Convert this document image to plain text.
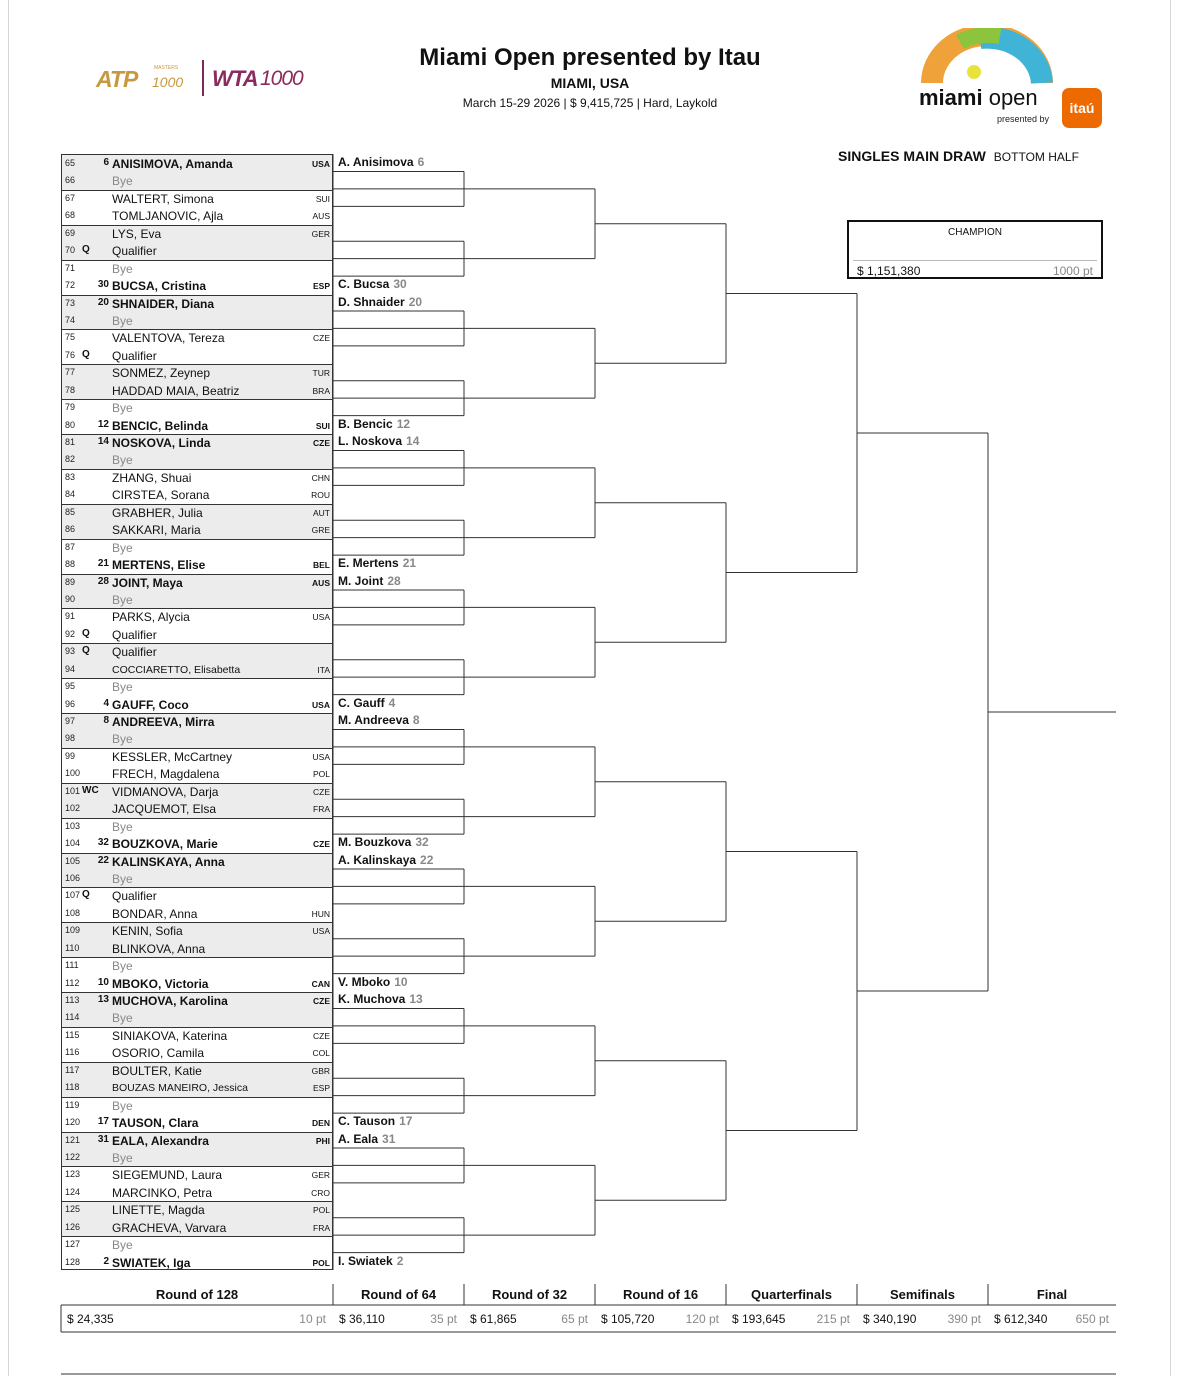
ATP 1000
MASTERS WTA 1000
Miami Open presented by Itau
MIAMI, USA
March 15-29 2026 | $ 9,415,725 | Hard, Laykold	miami open
presented by
itaú
SINGLES MAIN DRAW BOTTOM HALF
CHAMPION
$ 1,151,380	1000 pt
65	6 ANISIMOVA, Amanda	USA
66	Bye
67	WALTERT, Simona	SUI
68	TOMLJANOVIC, Ajla	AUS
69	LYS, Eva	GER
70 Q	Qualifier
71	Bye
72	30 BUCSA, Cristina	ESP
73	20 SHNAIDER, Diana
74	Bye
75	VALENTOVA, Tereza	CZE
76 Q	Qualifier
77	SONMEZ, Zeynep	TUR
78	HADDAD MAIA, Beatriz	BRA
79	Bye
80	12 BENCIC, Belinda	SUI
81	14 NOSKOVA, Linda	CZE
82	Bye
83	ZHANG, Shuai	CHN
84	CIRSTEA, Sorana	ROU
85	GRABHER, Julia	AUT
86	SAKKARI, Maria	GRE
87	Bye
88	21 MERTENS, Elise	BEL
89	28 JOINT, Maya	AUS
90	Bye
91	PARKS, Alycia	USA
92 Q	Qualifier
93 Q	Qualifier
94	COCCIARETTO, Elisabetta	ITA
95	Bye
96	4 GAUFF, Coco	USA
97	8 ANDREEVA, Mirra
98	Bye
99	KESSLER, McCartney	USA
100	FRECH, Magdalena	POL
101 WC	VIDMANOVA, Darja	CZE
102	JACQUEMOT, Elsa	FRA
103	Bye
104	32 BOUZKOVA, Marie	CZE
105	22 KALINSKAYA, Anna
106	Bye
107 Q	Qualifier
108	BONDAR, Anna	HUN
109	KENIN, Sofia	USA
110	BLINKOVA, Anna
111	Bye
112	10 MBOKO, Victoria	CAN
113	13 MUCHOVA, Karolina	CZE
114	Bye
115	SINIAKOVA, Katerina	CZE
116	OSORIO, Camila	COL
117	BOULTER, Katie	GBR
118	BOUZAS MANEIRO, Jessica	ESP
119	Bye
120	17 TAUSON, Clara	DEN
121	31 EALA, Alexandra	PHI
122	Bye
123	SIEGEMUND, Laura	GER
124	MARCINKO, Petra	CRO
125	LINETTE, Magda	POL
126	GRACHEVA, Varvara	FRA
127	Bye
128	2 SWIATEK, Iga	POL
A. Anisimova 6
C. Bucsa 30
D. Shnaider 20
B. Bencic 12
L. Noskova 14
E. Mertens 21
M. Joint 28
C. Gauff 4
M. Andreeva 8
M. Bouzkova 32
A. Kalinskaya 22
V. Mboko 10
K. Muchova 13
C. Tauson 17
A. Eala 31
I. Swiatek 2
Round of 128
$ 24,335	10 pt
Round of 64
$ 36,110	35 pt
Round of 32
$ 61,865	65 pt
Round of 16
$ 105,720	120 pt
Quarterfinals
$ 193,645	215 pt
Semifinals
$ 340,190	390 pt
Final
$ 612,340	650 pt
